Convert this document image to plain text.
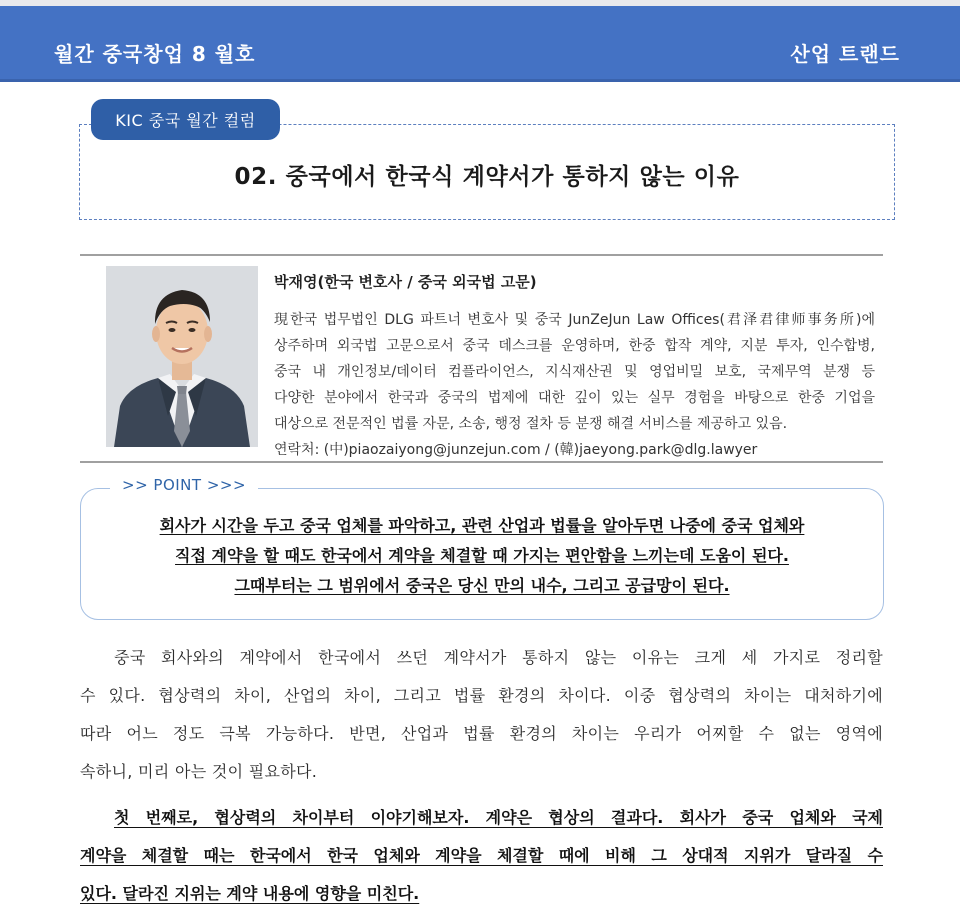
월간 중국창업 8 월호	산업 트랜드
KIC 중국 월간 컬럼
02. 중국에서 한국식 계약서가 통하지 않는 이유
박재영(한국 변호사 / 중국 외국법 고문)
現한국 법무법인 DLG 파트너 변호사 및 중국 JunZeJun Law Offices(君泽君律师事务所)에
상주하며 외국법 고문으로서 중국 데스크를 운영하며, 한중 합작 계약, 지분 투자, 인수합병,
중국 내 개인정보/데이터 컴플라이언스, 지식재산권 및 영업비밀 보호, 국제무역 분쟁 등
다양한 분야에서 한국과 중국의 법제에 대한 깊이 있는 실무 경험을 바탕으로 한중 기업을
대상으로 전문적인 법률 자문, 소송, 행정 절차 등 분쟁 해결 서비스를 제공하고 있음.
연락처: (中)piaozaiyong@junzejun.com / (韓)jaeyong.park@dlg.lawyer
>> POINT >>>
회사가 시간을 두고 중국 업체를 파악하고, 관련 산업과 법률을 알아두면 나중에 중국 업체와
직접 계약을 할 때도 한국에서 계약을 체결할 때 가지는 편안함을 느끼는데 도움이 된다.
그때부터는 그 범위에서 중국은 당신 만의 내수, 그리고 공급망이 된다.
중국 회사와의 계약에서 한국에서 쓰던 계약서가 통하지 않는 이유는 크게 세 가지로 정리할
수 있다. 협상력의 차이, 산업의 차이, 그리고 법률 환경의 차이다. 이중 협상력의 차이는 대처하기에
따라 어느 정도 극복 가능하다. 반면, 산업과 법률 환경의 차이는 우리가 어찌할 수 없는 영역에
속하니, 미리 아는 것이 필요하다.
첫 번째로, 협상력의 차이부터 이야기해보자. 계약은 협상의 결과다. 회사가 중국 업체와 국제
계약을 체결할 때는 한국에서 한국 업체와 계약을 체결할 때에 비해 그 상대적 지위가 달라질 수
있다. 달라진 지위는 계약 내용에 영향을 미친다.
